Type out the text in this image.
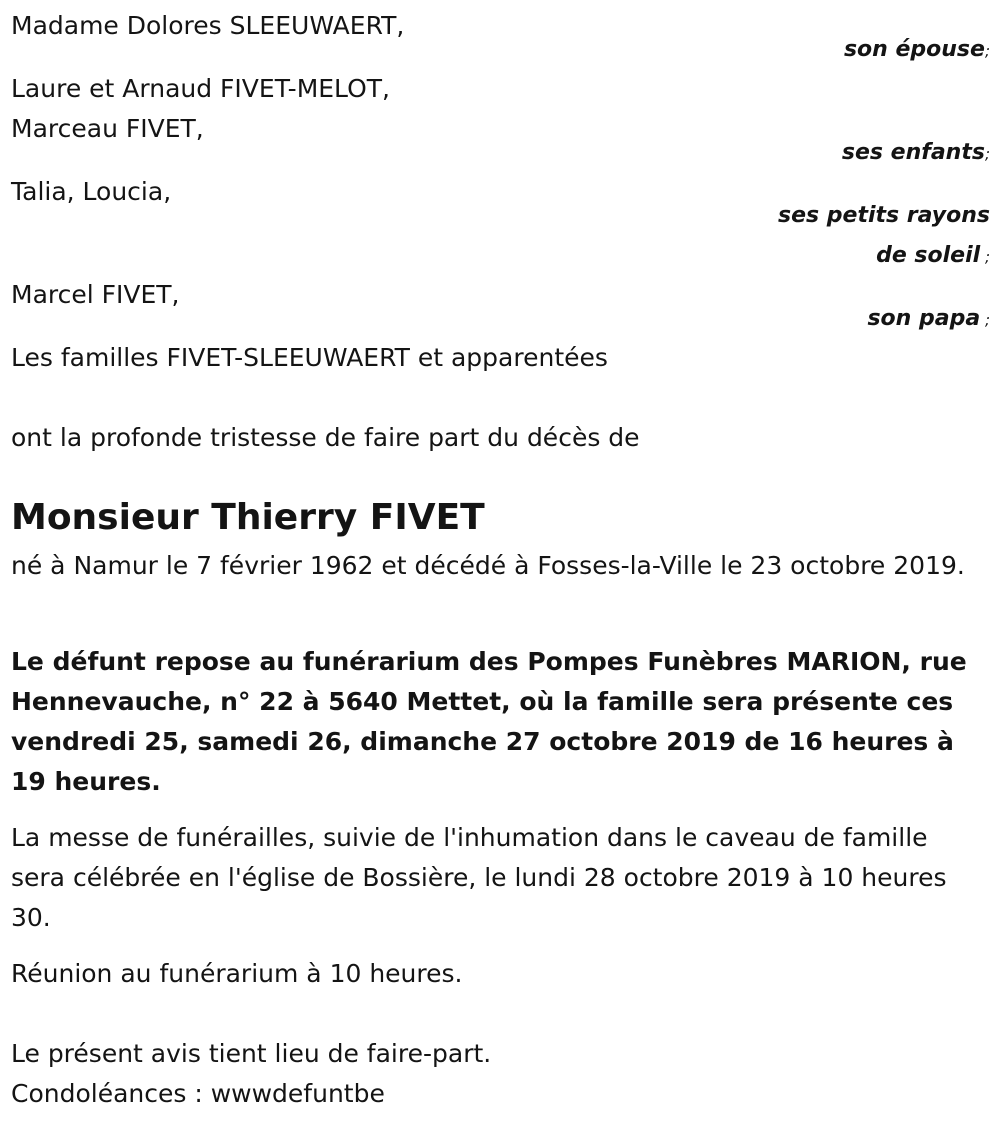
Madame Dolores SLEEUWAERT,
son épouse;
Laure et Arnaud FIVET-MELOT,
Marceau FIVET,
ses enfants;
Talia, Loucia,
ses petits rayons
de soleil ;
Marcel FIVET,
son papa ;
Les familles FIVET-SLEEUWAERT et apparentées
ont la profonde tristesse de faire part du décès de
Monsieur Thierry FIVET
né à Namur le 7 février 1962 et décédé à Fosses-la-Ville le 23 octobre 2019.
Le défunt repose au funérarium des Pompes Funèbres MARION, rue Hennevauche, n° 22 à 5640 Mettet, où la famille sera présente ces vendredi 25, samedi 26, dimanche 27 octobre 2019 de 16 heures à 19 heures.
La messe de funérailles, suivie de l'inhumation dans le caveau de famille sera célébrée en l'église de Bossière, le lundi 28 octobre 2019 à 10 heures 30.
Réunion au funérarium à 10 heures.
Le présent avis tient lieu de faire-part.
Condoléances : wwwdefuntbe
